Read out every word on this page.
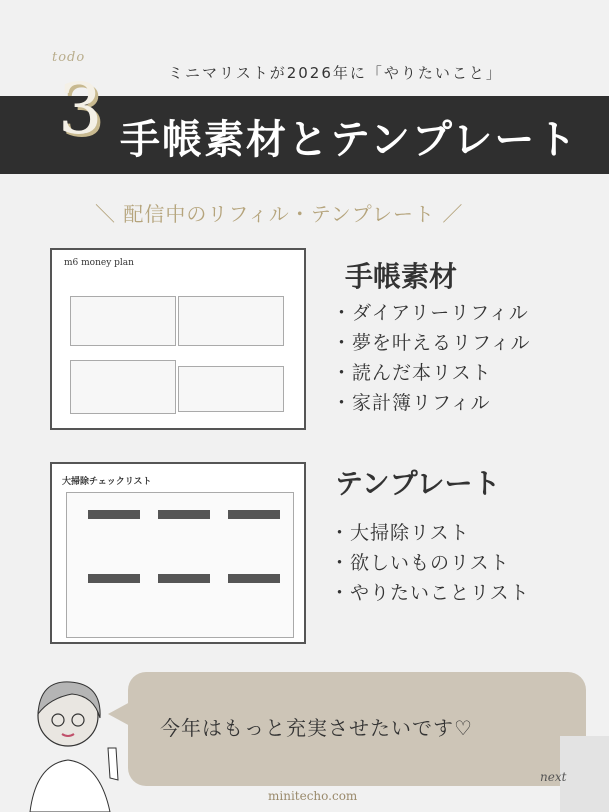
todo
ミニマリストが2026年に「やりたいこと」
3 手帳素材とテンプレート
＼ 配信中のリフィル・テンプレート ／
m6 money plan	手帳素材
・ ダイアリーリフィル
・ 夢を叶えるリフィル
・ 読んだ本リスト
・ 家計簿リフィル
大掃除チェックリスト	テンプレート
・ 大掃除リスト
・ 欲しいものリスト
・ やりたいことリスト
今年はもっと充実させたいです♡
minitecho.com
next
